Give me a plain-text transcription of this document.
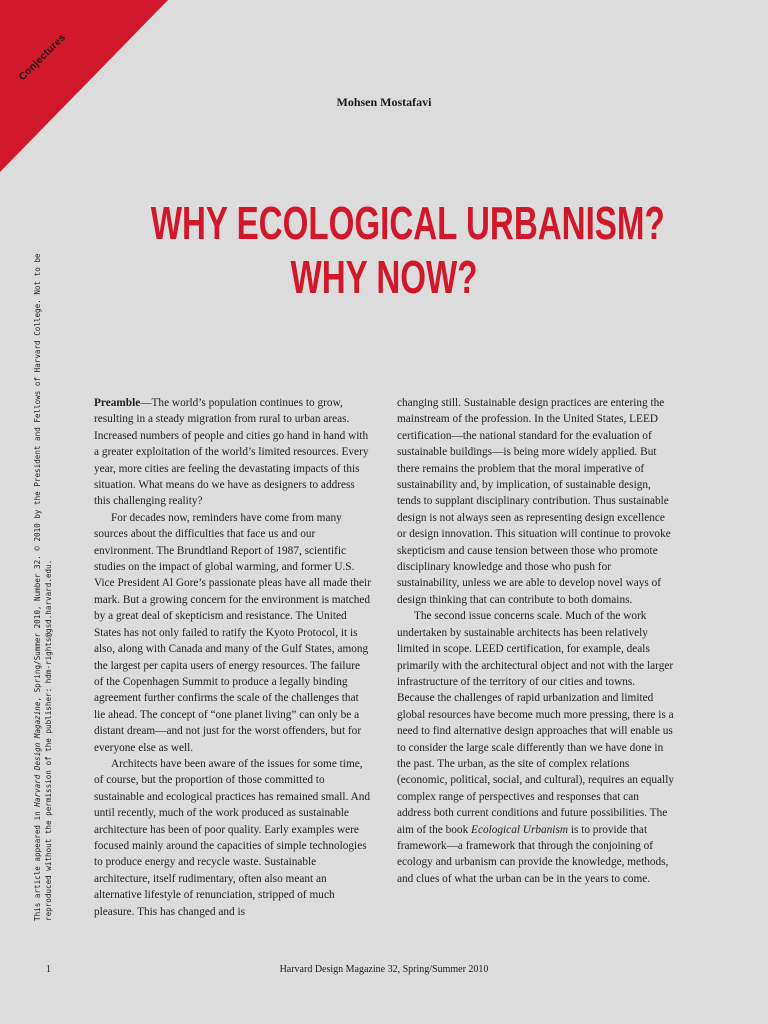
Conjectures
Mohsen Mostafavi
WHY ECOLOGICAL URBANISM?
WHY NOW?
This article appeared in Harvard Design Magazine, Spring/Summer 2010, Number 32. © 2010 by the President and Fellows of Harvard College. Not to be
reproduced without the permission of the publisher: hdm-rights@gsd.harvard.edu.

Preamble—The world’s population continues to grow, resulting in a steady migration from rural to urban areas. Increased numbers of people and cities go hand in hand with a greater exploitation of the world’s limited resources. Every year, more cities are feeling the devastating impacts of this situation. What means do we have as designers to address this challenging reality?

For decades now, reminders have come from many sources about the difficulties that face us and our environment. The Brundtland Report of 1987, scientific studies on the impact of global warming, and former U.S. Vice President Al Gore’s passionate pleas have all made their mark. But a growing concern for the environment is matched by a great deal of skepticism and resistance. The United States has not only failed to ratify the Kyoto Protocol, it is also, along with Canada and many of the Gulf States, among the largest per capita users of energy resources. The failure of the Copenhagen Summit to produce a legally binding agreement further confirms the scale of the challenges that lie ahead. The concept of “one planet living” can only be a distant dream—and not just for the worst offenders, but for everyone else as well.

Architects have been aware of the issues for some time, of course, but the proportion of those committed to sustainable and ecological practices has remained small. And until recently, much of the work produced as sustainable architecture has been of poor quality. Early examples were focused mainly around the capacities of simple technologies to produce energy and recycle waste. Sustainable architecture, itself rudimentary, often also meant an alternative lifestyle of renunciation, stripped of much pleasure. This has changed and is

changing still. Sustainable design practices are entering the mainstream of the profession. In the United States, LEED certification—the national standard for the evaluation of sustainable buildings—is being more widely applied. But there remains the problem that the moral imperative of sustainability and, by implication, of sustainable design, tends to supplant disciplinary contribution. Thus sustainable design is not always seen as representing design excellence or design innovation. This situation will continue to provoke skepticism and cause tension between those who promote disciplinary knowledge and those who push for sustainability, unless we are able to develop novel ways of design thinking that can contribute to both domains.

The second issue concerns scale. Much of the work undertaken by sustainable architects has been relatively limited in scope. LEED certification, for example, deals primarily with the architectural object and not with the larger infrastructure of the territory of our cities and towns. Because the challenges of rapid urbanization and limited global resources have become much more pressing, there is a need to find alternative design approaches that will enable us to consider the large scale differently than we have done in the past. The urban, as the site of complex relations (economic, political, social, and cultural), requires an equally complex range of perspectives and responses that can address both current conditions and future possibilities. The aim of the book Ecological Urbanism is to provide that framework—a framework that through the conjoining of ecology and urbanism can provide the knowledge, methods, and clues of what the urban can be in the years to come.

1	Harvard Design Magazine 32, Spring/Summer 2010
